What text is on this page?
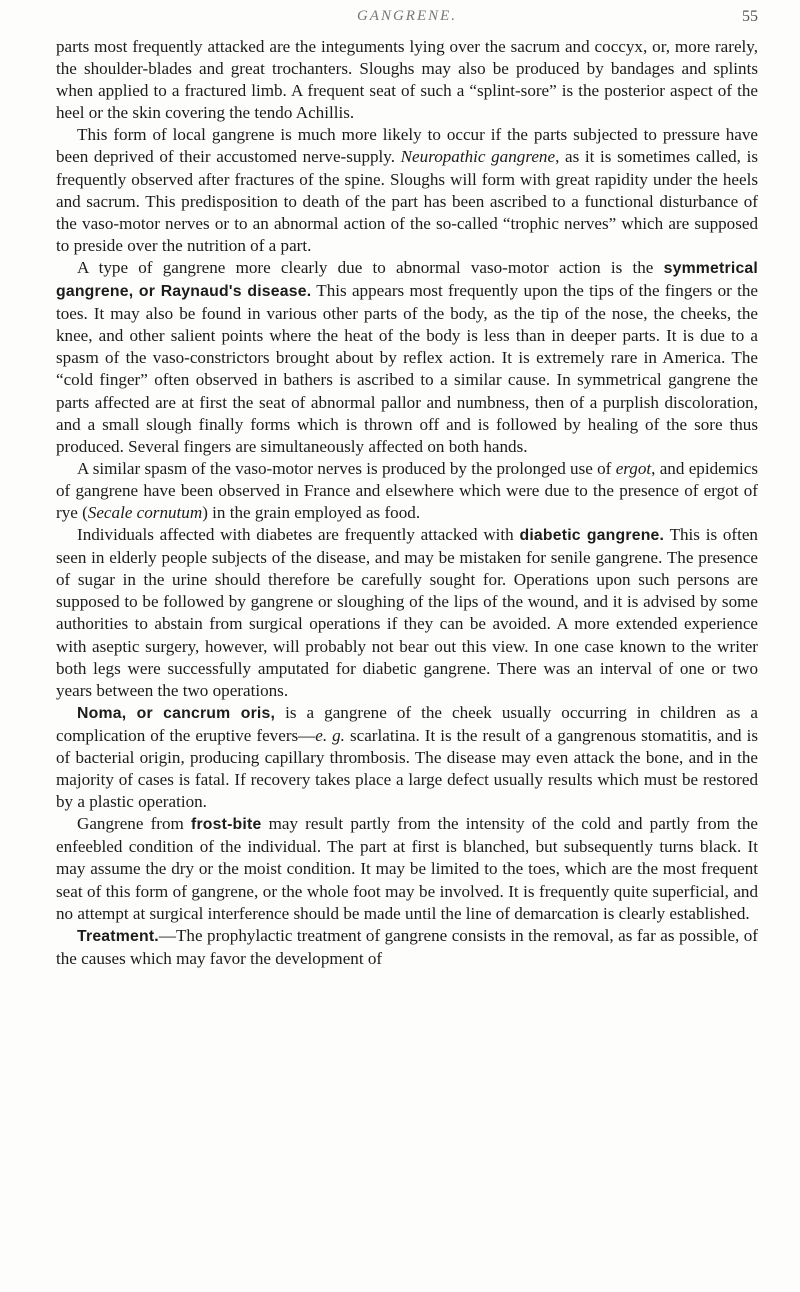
GANGRENE.	55

parts most frequently attacked are the integuments lying over the sacrum and coccyx, or, more rarely, the shoulder-blades and great trochanters. Sloughs may also be produced by bandages and splints when applied to a fractured limb. A frequent seat of such a “splint-sore” is the posterior aspect of the heel or the skin covering the tendo Achillis.

This form of local gangrene is much more likely to occur if the parts subjected to pressure have been deprived of their accustomed nerve-supply. Neuropathic gangrene, as it is sometimes called, is frequently observed after fractures of the spine. Sloughs will form with great rapidity under the heels and sacrum. This predisposition to death of the part has been ascribed to a functional disturbance of the vaso-motor nerves or to an abnormal action of the so-called “trophic nerves” which are supposed to preside over the nutrition of a part.

A type of gangrene more clearly due to abnormal vaso-motor action is the symmetrical gangrene, or Raynaud's disease. This appears most frequently upon the tips of the fingers or the toes. It may also be found in various other parts of the body, as the tip of the nose, the cheeks, the knee, and other salient points where the heat of the body is less than in deeper parts. It is due to a spasm of the vaso-constrictors brought about by reflex action. It is extremely rare in America. The “cold finger” often observed in bathers is ascribed to a similar cause. In symmetrical gangrene the parts affected are at first the seat of abnormal pallor and numbness, then of a purplish discoloration, and a small slough finally forms which is thrown off and is followed by healing of the sore thus produced. Several fingers are simultaneously affected on both hands.

A similar spasm of the vaso-motor nerves is produced by the prolonged use of ergot, and epidemics of gangrene have been observed in France and elsewhere which were due to the presence of ergot of rye (Secale cornutum) in the grain employed as food.

Individuals affected with diabetes are frequently attacked with diabetic gangrene. This is often seen in elderly people subjects of the disease, and may be mistaken for senile gangrene. The presence of sugar in the urine should therefore be carefully sought for. Operations upon such persons are supposed to be followed by gangrene or sloughing of the lips of the wound, and it is advised by some authorities to abstain from surgical operations if they can be avoided. A more extended experience with aseptic surgery, however, will probably not bear out this view. In one case known to the writer both legs were successfully amputated for diabetic gangrene. There was an interval of one or two years between the two operations.

Noma, or cancrum oris, is a gangrene of the cheek usually occurring in children as a complication of the eruptive fevers—e. g. scarlatina. It is the result of a gangrenous stomatitis, and is of bacterial origin, producing capillary thrombosis. The disease may even attack the bone, and in the majority of cases is fatal. If recovery takes place a large defect usually results which must be restored by a plastic operation.

Gangrene from frost-bite may result partly from the intensity of the cold and partly from the enfeebled condition of the individual. The part at first is blanched, but subsequently turns black. It may assume the dry or the moist condition. It may be limited to the toes, which are the most frequent seat of this form of gangrene, or the whole foot may be involved. It is frequently quite superficial, and no attempt at surgical interference should be made until the line of demarcation is clearly established.

Treatment.—The prophylactic treatment of gangrene consists in the removal, as far as possible, of the causes which may favor the development of
